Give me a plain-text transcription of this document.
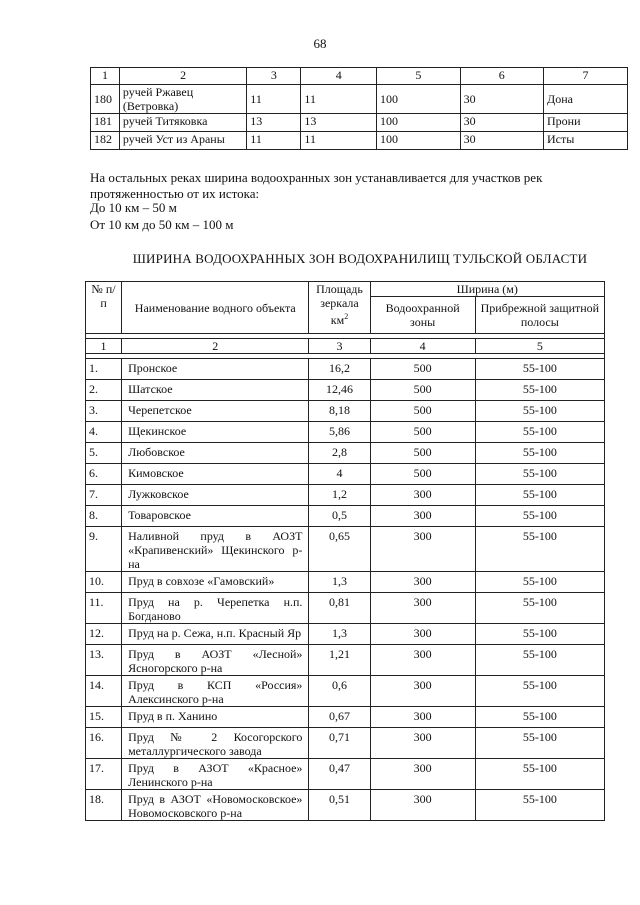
68
1	2	3	4	5	6	7
180	ручей Ржавец (Ветровка)	11	11	100	30	Дона
181	ручей Титяковка	13	13	100	30	Прони
182	ручей Уст из Араны	11	11	100	30	Исты
На остальных реках ширина водоохранных зон устанавливается для участков рек протяженностью от их истока:
До 10 км – 50 м
От 10 км до 50 км – 100 м
ШИРИНА ВОДООХРАННЫХ ЗОН ВОДОХРАНИЛИЩ ТУЛЬСКОЙ ОБЛАСТИ
№ п/п	Наименование водного объекта	Площадь зеркала $км^2$	Ширина (м)	
			Водоохранной зоны	Прибрежной защитной полосы

1	2	3	4	5

1.	Пронское	16,2	500	55-100
2.	Шатское	12,46	500	55-100
3.	Черепетское	8,18	500	55-100
4.	Щекинское	5,86	500	55-100
5.	Любовское	2,8	500	55-100
6.	Кимовское	4	500	55-100
7.	Лужковское	1,2	300	55-100
8.	Товаровское	0,5	300	55-100
9.	Наливной пруд в АОЗТ «Крапивенский» Щекинского р-на	0,65	300	55-100
10.	Пруд в совхозе «Гамовский»	1,3	300	55-100
11.	Пруд на р. Черепетка н.п. Богданово	0,81	300	55-100
12.	Пруд на р. Сежа, н.п. Красный Яр	1,3	300	55-100
13.	Пруд в АОЗТ «Лесной» Ясногорского р-на	1,21	300	55-100
14.	Пруд в КСП «Россия» Алексинского р-на	0,6	300	55-100
15.	Пруд в п. Ханино	0,67	300	55-100
16.	Пруд № 2 Косогорского металлургического завода	0,71	300	55-100
17.	Пруд в АЗОТ «Красное» Ленинского р-на	0,47	300	55-100
18.	Пруд в АЗОТ «Новомосковское» Новомосковского р-на	0,51	300	55-100
